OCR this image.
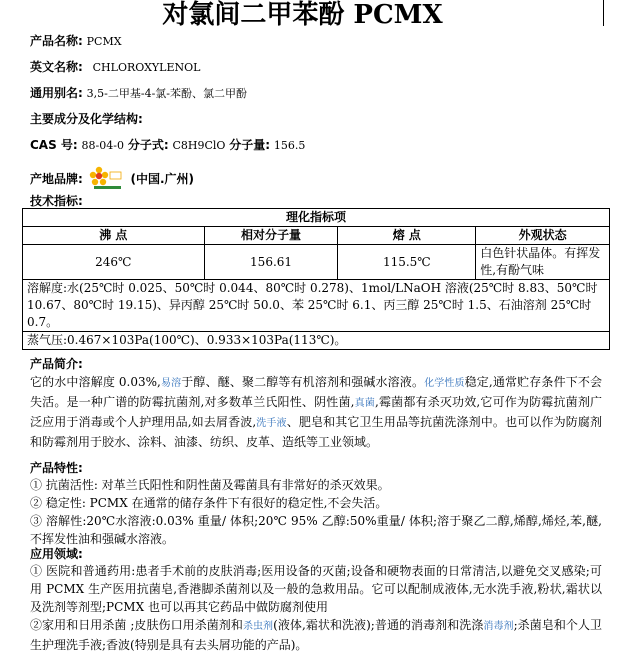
对氯间二甲苯酚 PCMX
产品名称: PCMX
英文名称: CHLOROXYLENOL
通用别名: 3,5-二甲基-4-氯-苯酚、氯二甲酚
主要成分及化学结构:
CAS 号: 88-04-0 分子式: C8H9ClO 分子量: 156.5
产地品牌:	(中国.广州)
技术指标:
理化指标项			
沸 点	相对分子量	熔 点	外观状态
246℃	156.61	115.5℃	白色针状晶体。有挥发性,有酚气味
溶解度:水(25℃时 0.025、50℃时 0.044、80℃时 0.278)、1mol/LNaOH 溶液(25℃时 8.83、50℃时 10.67、80℃时 19.15)、异丙醇 25℃时 50.0、苯 25℃时 6.1、丙三醇 25℃时 1.5、石油溶剂 25℃时 0.7。			
蒸气压:0.467×103Pa(100℃)、0.933×103Pa(113℃)。			
产品简介:
它的水中溶解度 0.03%,易溶于醇、醚、聚二醇等有机溶剂和强碱水溶液。化学性质稳定,通常贮存条件下不会失活。是一种广谱的防霉抗菌剂,对多数革兰氏阳性、阴性菌,真菌,霉菌都有杀灭功效,它可作为防霉抗菌剂广泛应用于消毒或个人护理用品,如去屑香波,洗手液、肥皂和其它卫生用品等抗菌洗涤剂中。也可以作为防腐剂和防霉剂用于胶水、涂料、油漆、纺织、皮革、造纸等工业领域。
产品特性:
① 抗菌活性: 对革兰氏阳性和阴性菌及霉菌具有非常好的杀灭效果。
② 稳定性: PCMX 在通常的储存条件下有很好的稳定性,不会失活。
③ 溶解性:20℃水溶液:0.03% 重量/ 体积;20℃ 95% 乙醇:50%重量/ 体积;溶于聚乙二醇,烯醇,烯烃,苯,醚,不挥发性油和强碱水溶液。
应用领域:
① 医院和普通药用:患者手术前的皮肤消毒;医用设备的灭菌;设备和硬物表面的日常清洁,以避免交叉感染;可用 PCMX 生产医用抗菌皂,香港脚杀菌剂以及一般的急救用品。它可以配制成液体,无水洗手液,粉状,霜状以及洗剂等剂型;PCMX 也可以再其它药品中做防腐剂使用
②家用和日用杀菌 ;皮肤伤口用杀菌剂和杀虫剂(液体,霜状和洗液);普通的消毒剂和洗涤消毒剂;杀菌皂和个人卫生护理洗手液;香波(特别是具有去头屑功能的产品)。
